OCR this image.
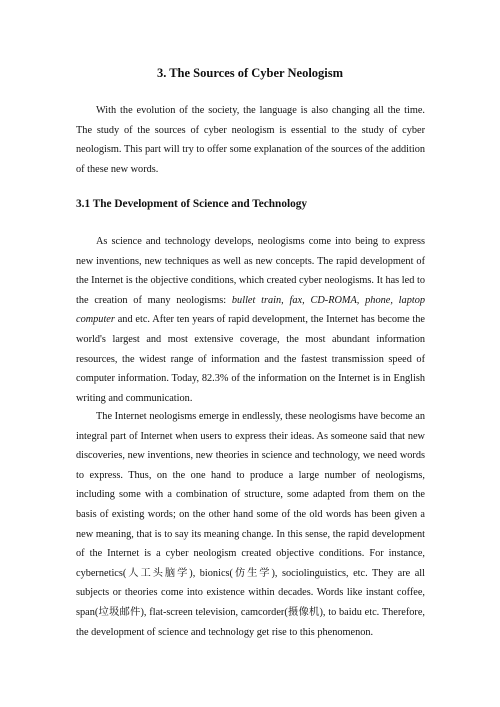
3. The Sources of Cyber Neologism

With the evolution of the society, the language is also changing all the time. The study of the sources of cyber neologism is essential to the study of cyber neologism. This part will try to offer some explanation of the sources of the addition of these new words.

3.1 The Development of Science and Technology

As science and technology develops, neologisms come into being to express new inventions, new techniques as well as new concepts. The rapid development of the Internet is the objective conditions, which created cyber neologisms. It has led to the creation of many neologisms: bullet train, fax, CD-ROMA, phone, laptop computer and etc. After ten years of rapid development, the Internet has become the world's largest and most extensive coverage, the most abundant information resources, the widest range of information and the fastest transmission speed of computer information. Today, 82.3% of the information on the Internet is in English writing and communication.

The Internet neologisms emerge in endlessly, these neologisms have become an integral part of Internet when users to express their ideas. As someone said that new discoveries, new inventions, new theories in science and technology, we need words to express. Thus, on the one hand to produce a large number of neologisms, including some with a combination of structure, some adapted from them on the basis of existing words; on the other hand some of the old words has been given a new meaning, that is to say its meaning change. In this sense, the rapid development of the Internet is a cyber neologism created objective conditions. For instance, cybernetics(人工头脑学), bionics(仿生学), sociolinguistics, etc. They are all subjects or theories come into existence within decades. Words like instant coffee, span(垃圾邮件), flat-screen television, camcorder(摄像机), to baidu etc. Therefore, the development of science and technology get rise to this phenomenon.
